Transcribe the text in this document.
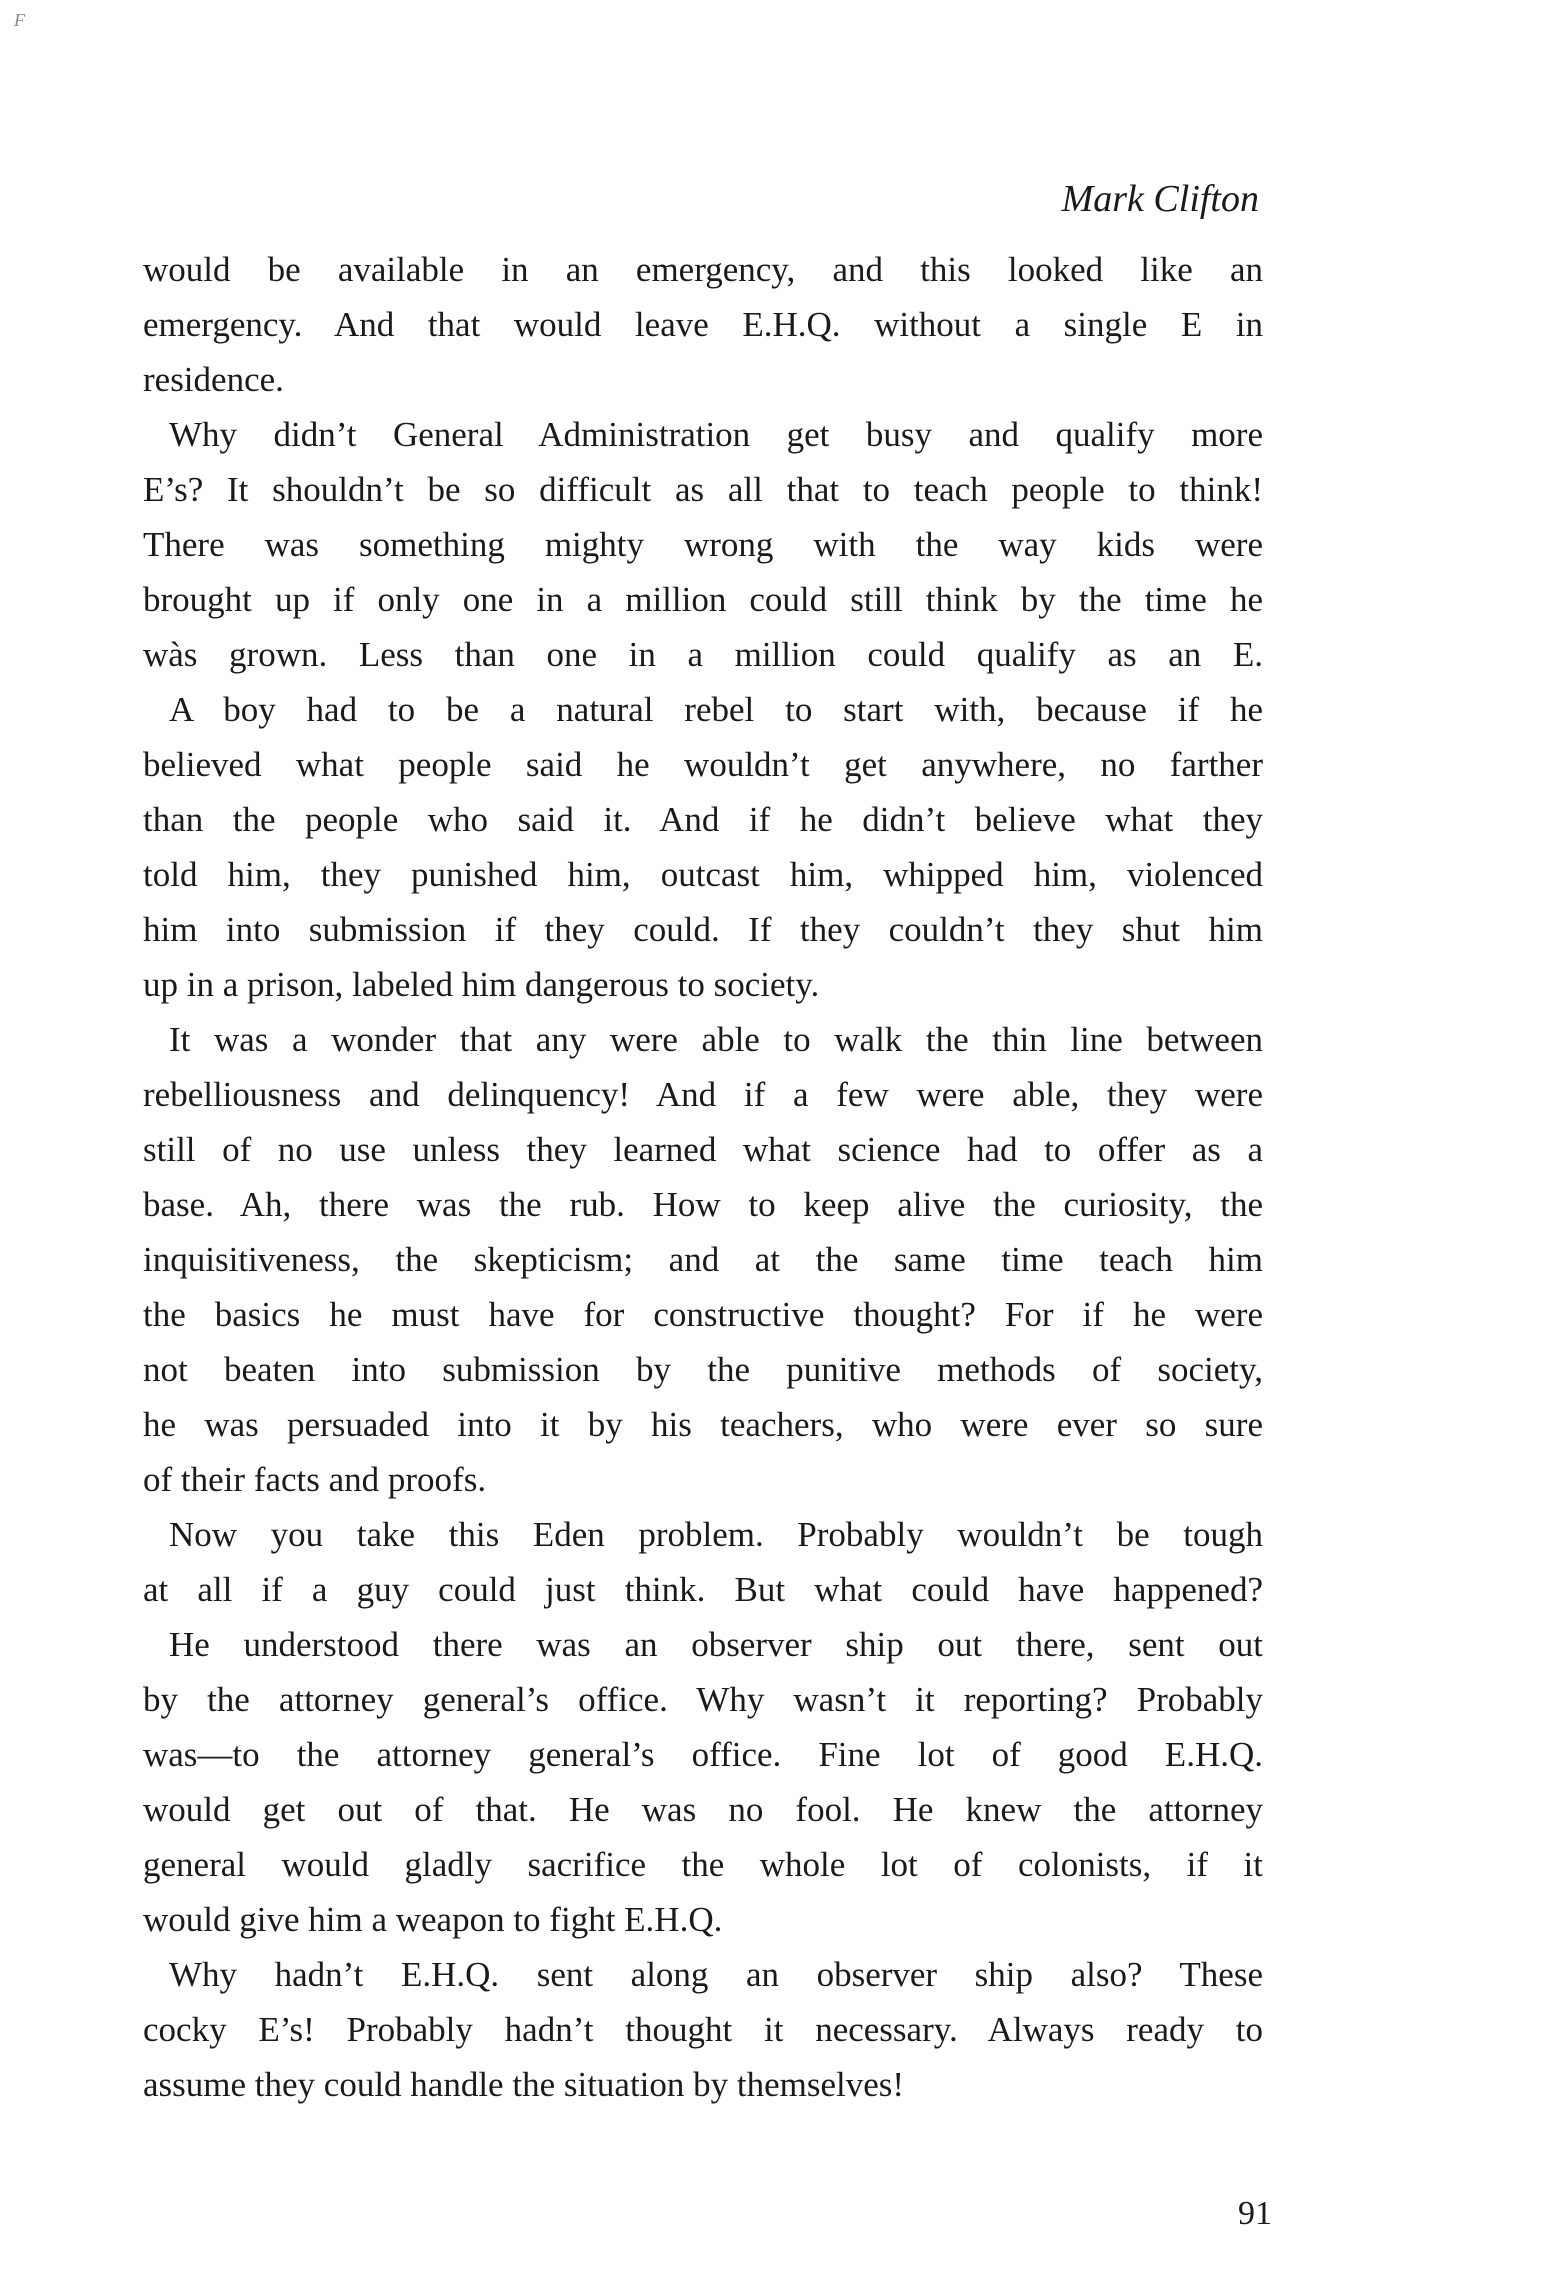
F
Mark Clifton
would be available in an emergency, and this looked like an
emergency. And that would leave E.H.Q. without a single E in
residence.
Why didn’t General Administration get busy and qualify more
E’s? It shouldn’t be so difficult as all that to teach people to think!
There was something mighty wrong with the way kids were
brought up if only one in a million could still think by the time he
wàs grown. Less than one in a million could qualify as an E.
A boy had to be a natural rebel to start with, because if he
believed what people said he wouldn’t get anywhere, no farther
than the people who said it. And if he didn’t believe what they
told him, they punished him, outcast him, whipped him, violenced
him into submission if they could. If they couldn’t they shut him
up in a prison, labeled him dangerous to society.
It was a wonder that any were able to walk the thin line between
rebelliousness and delinquency! And if a few were able, they were
still of no use unless they learned what science had to offer as a
base. Ah, there was the rub. How to keep alive the curiosity, the
inquisitiveness, the skepticism; and at the same time teach him
the basics he must have for constructive thought? For if he were
not beaten into submission by the punitive methods of society,
he was persuaded into it by his teachers, who were ever so sure
of their facts and proofs.
Now you take this Eden problem. Probably wouldn’t be tough
at all if a guy could just think. But what could have happened?
He understood there was an observer ship out there, sent out
by the attorney general’s office. Why wasn’t it reporting? Probably
was—to the attorney general’s office. Fine lot of good E.H.Q.
would get out of that. He was no fool. He knew the attorney
general would gladly sacrifice the whole lot of colonists, if it
would give him a weapon to fight E.H.Q.
Why hadn’t E.H.Q. sent along an observer ship also? These
cocky E’s! Probably hadn’t thought it necessary. Always ready to
assume they could handle the situation by themselves!
91
